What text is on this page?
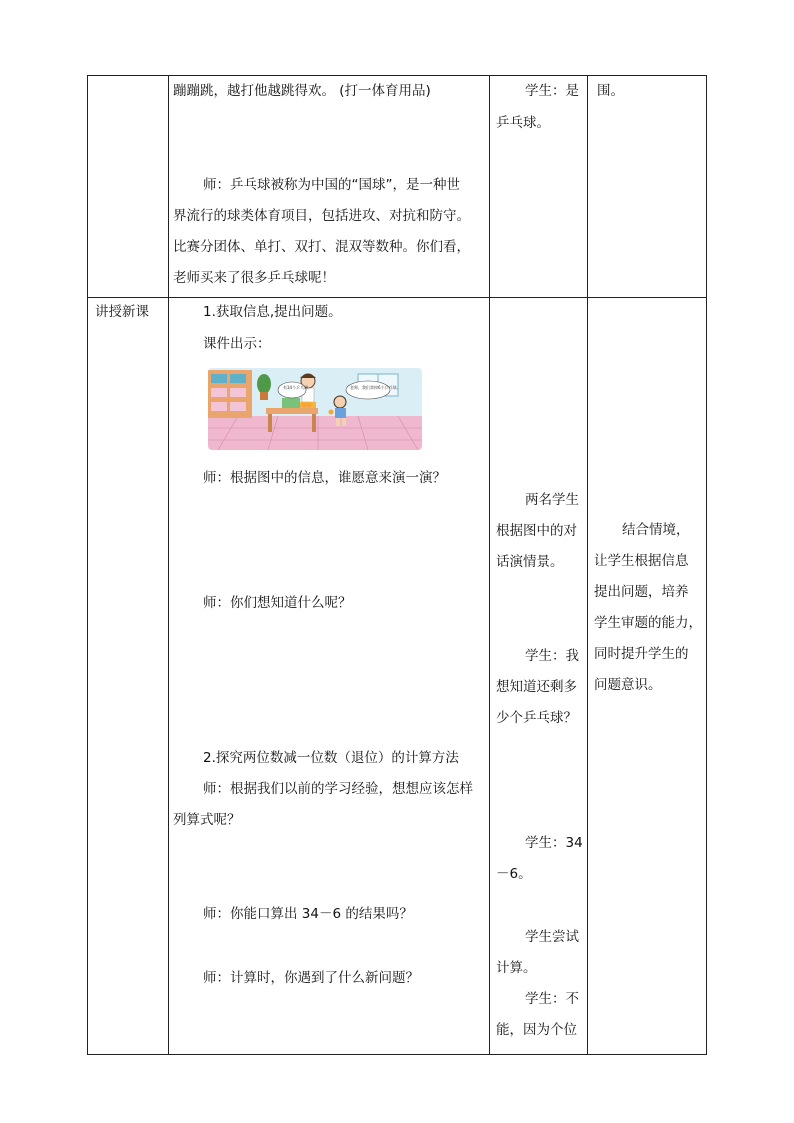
蹦蹦跳，越打他越跳得欢。 (打一体育用品)
师：乒乓球被称为中国的“国球”，是一种世
界流行的球类体育项目，包括进攻、对抗和防守。
比赛分团体、单打、双打、混双等数种。你们看，
老师买来了很多乒乓球呢！
学生：是
乒乓球。
围。
讲授新课	1.获取信息,提出问题。
课件出示：
有34个乒乓球。	老师，我们拿掉6个乒乓球。
师：根据图中的信息，谁愿意来演一演？
师：你们想知道什么呢？
2.探究两位数减一位数（退位）的计算方法
师：根据我们以前的学习经验，想想应该怎样
列算式呢？
师：你能口算出 34－6 的结果吗？
师：计算时，你遇到了什么新问题？
两名学生
根据图中的对
话演情景。
学生：我
想知道还剩多
少个乒乓球？
学生：34
－6。
学生尝试
计算。
学生：不
能，因为个位
结合情境，
让学生根据信息
提出问题，培养
学生审题的能力，
同时提升学生的
问题意识。
